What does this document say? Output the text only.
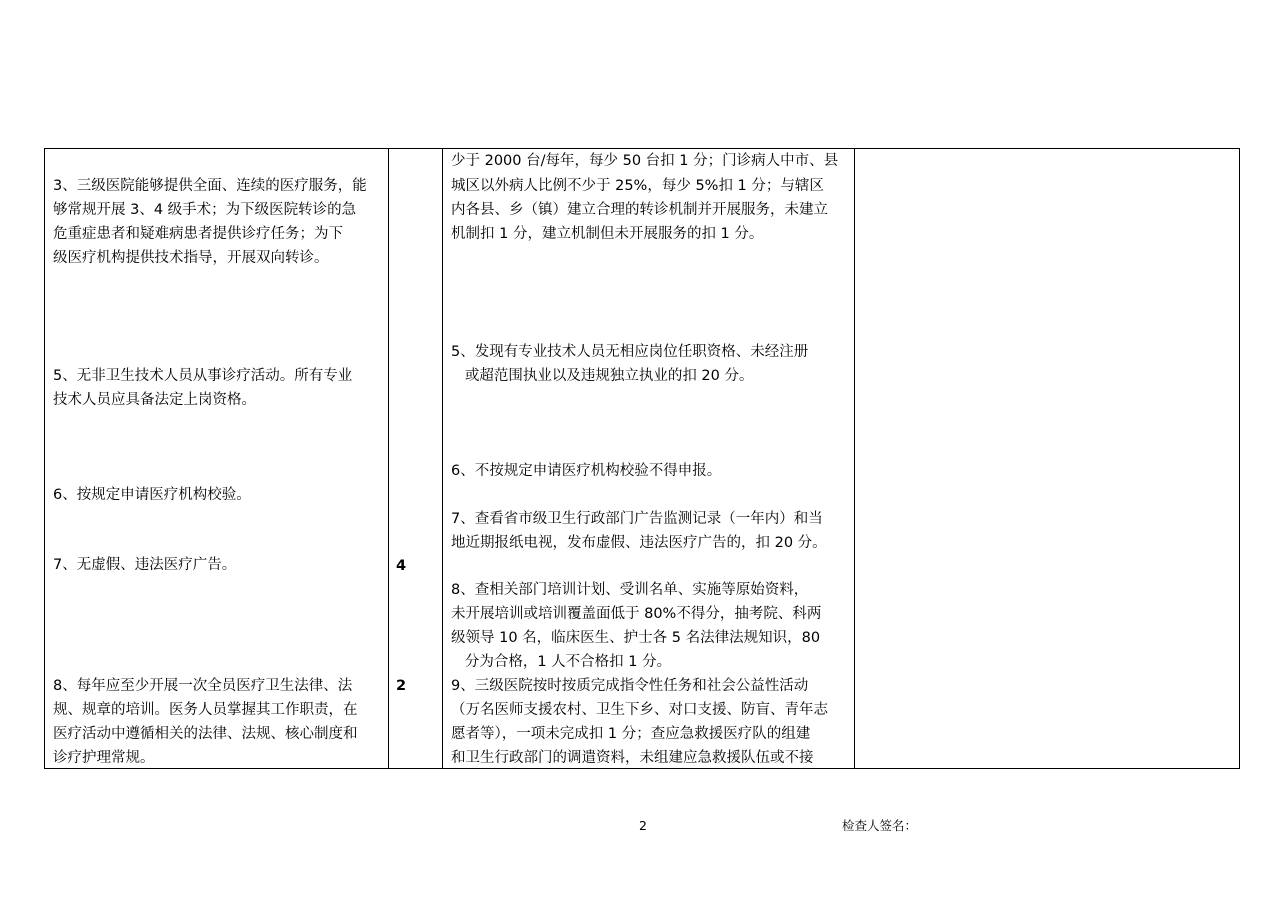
3、三级医院能够提供全面、连续的医疗服务，能
够常规开展 3、4 级手术；为下级医院转诊的急
危重症患者和疑难病患者提供诊疗任务；为下
级医疗机构提供技术指导，开展双向转诊。
5、无非卫生技术人员从事诊疗活动。所有专业
技术人员应具备法定上岗资格。
6、按规定申请医疗机构校验。
7、无虚假、违法医疗广告。
8、每年应至少开展一次全员医疗卫生法律、法
规、规章的培训。医务人员掌握其工作职责，在
医疗活动中遵循相关的法律、法规、核心制度和
诊疗护理常规。
4
2
少于 2000 台/每年，每少 50 台扣 1 分；门诊病人中市、县
城区以外病人比例不少于 25%，每少 5%扣 1 分；与辖区
内各县、乡（镇）建立合理的转诊机制并开展服务，未建立
机制扣 1 分，建立机制但未开展服务的扣 1 分。
5、发现有专业技术人员无相应岗位任职资格、未经注册
或超范围执业以及违规独立执业的扣 20 分。
6、不按规定申请医疗机构校验不得申报。
7、查看省市级卫生行政部门广告监测记录（一年内）和当
地近期报纸电视，发布虚假、违法医疗广告的，扣 20 分。
8、查相关部门培训计划、受训名单、实施等原始资料，
未开展培训或培训覆盖面低于 80%不得分，抽考院、科两
级领导 10 名，临床医生、护士各 5 名法律法规知识，80
分为合格，1 人不合格扣 1 分。
9、三级医院按时按质完成指令性任务和社会公益性活动
（万名医师支援农村、卫生下乡、对口支援、防盲、青年志
愿者等），一项未完成扣 1 分；查应急救援医疗队的组建
和卫生行政部门的调遣资料，未组建应急救援队伍或不接
2	检查人签名：
